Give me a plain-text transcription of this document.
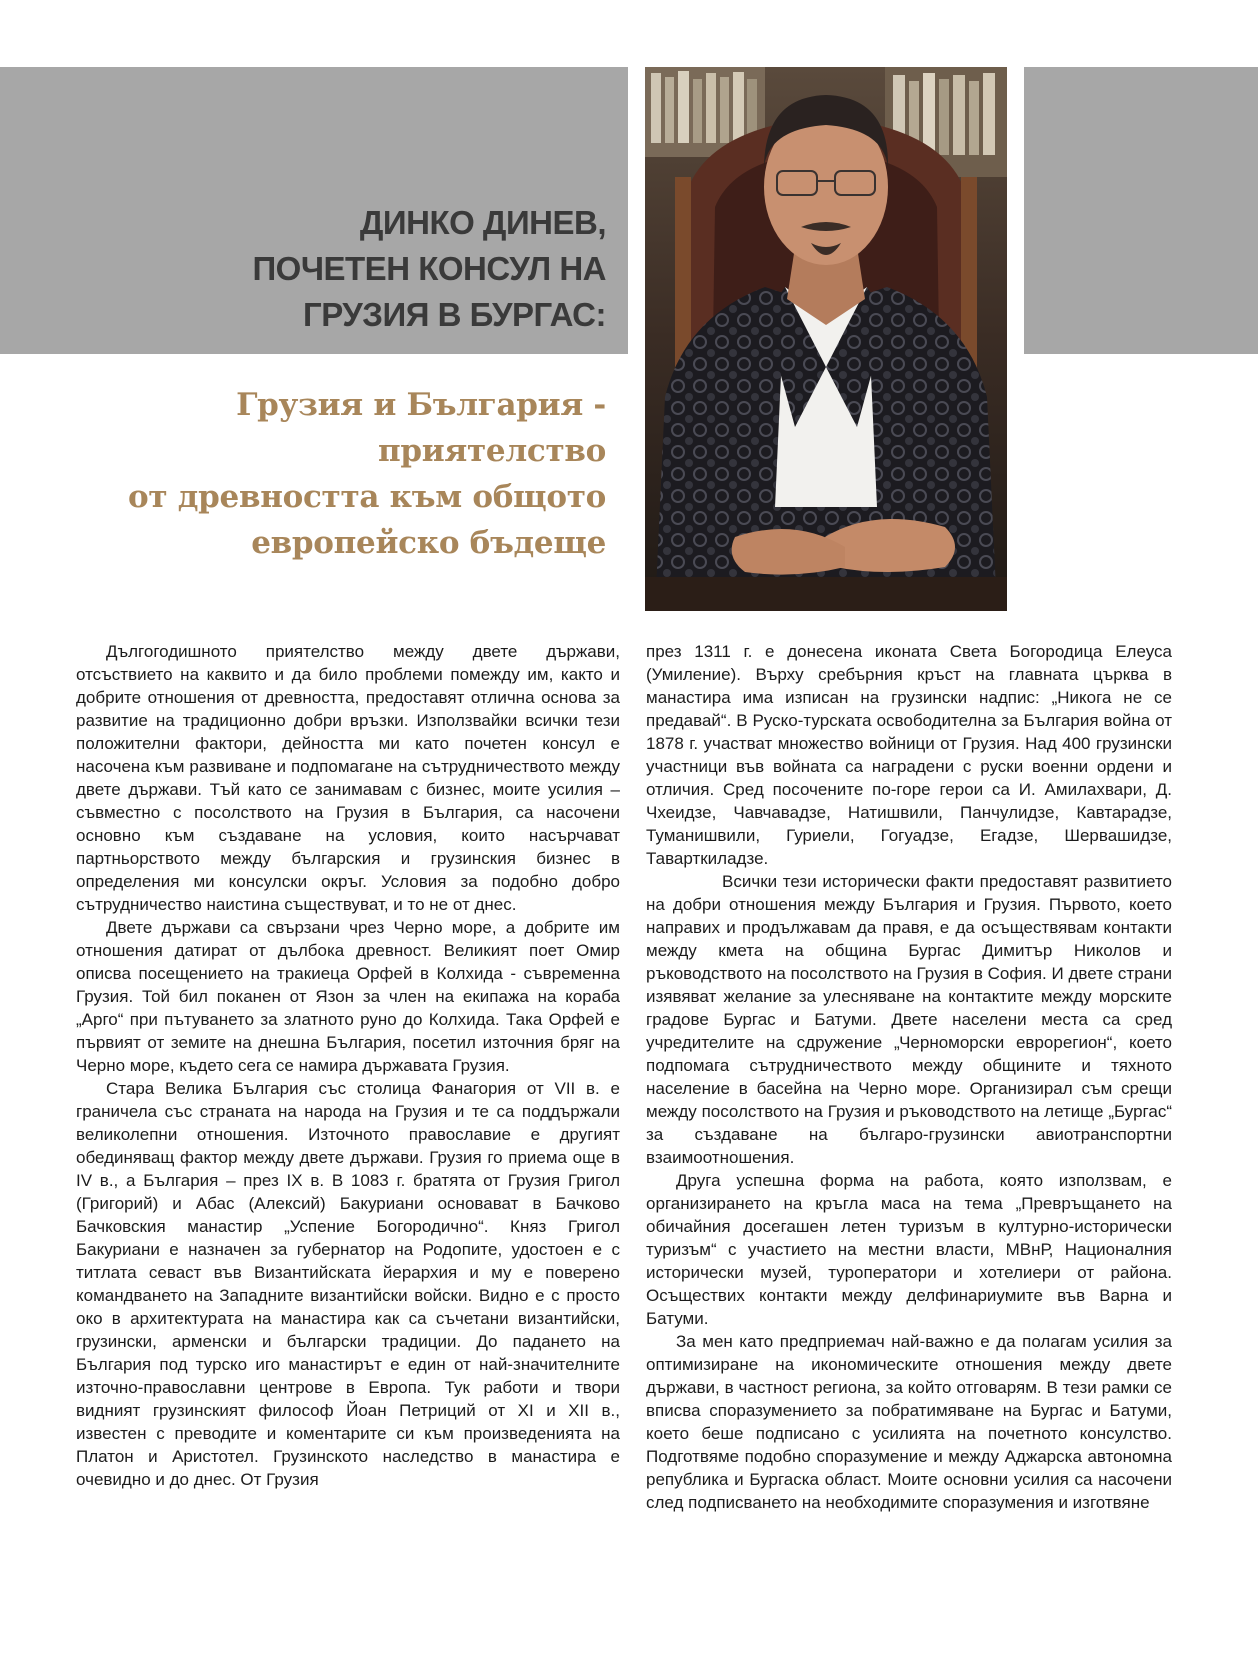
ДИНКО ДИНЕВ,
ПОЧЕТЕН КОНСУЛ НА
ГРУЗИЯ В БУРГАС:
Грузия и България -
приятелство
от древността към общото
европейско бъдеще

Дългогодишното приятелство между двете държави, отсъствието на каквито и да било проблеми помежду им, както и добрите отношения от древността, предоставят отлична основа за развитие на традиционно добри връзки. Използвайки всички тези положителни фактори, дейността ми като почетен консул е насочена към развиване и подпомагане на сътрудничеството между двете държави. Тъй като се занимавам с бизнес, моите усилия – съвместно с посолството на Грузия в България, са насочени основно към създаване на условия, които насърчават партньорството между българския и грузинския бизнес в определения ми консулски окръг. Условия за подобно добро сътрудничество наистина съществуват, и то не от днес.

Двете държави са свързани чрез Черно море, а добрите им отношения датират от дълбока древност. Великият поет Омир описва посещението на тракиеца Орфей в Колхида - съвременна Грузия. Той бил поканен от Язон за член на екипажа на кораба „Арго“ при пътуването за златното руно до Колхида. Така Орфей е първият от земите на днешна България, посетил източния бряг на Черно море, където сега се намира държавата Грузия.

Стара Велика България със столица Фанагория от VII в. е граничела със страната на народа на Грузия и те са поддържали великолепни отношения. Източното православие е другият обединяващ фактор между двете държави. Грузия го приема още в IV в., а България – през IX в. В 1083 г. братята от Грузия Григол (Григорий) и Абас (Алексий) Бакуриани основават в Бачково Бачковския манастир „Успение Богородично“. Княз Григол Бакуриани е назначен за губернатор на Родопите, удостоен е с титлата севаст във Византийската йерархия и му е поверено командването на Западните византийски войски. Видно е с просто око в архитектурата на манастира как са съчетани византийски, грузински, арменски и български традиции. До падането на България под турско иго манастирът е един от най-значителните източно-православни центрове в Европа. Тук работи и твори видният грузинският философ Йоан Петриций от XI и XII в., известен с преводите и коментарите си към произведенията на Платон и Аристотел. Грузинското наследство в манастира е очевидно и до днес. От Грузия

през 1311 г. е донесена иконата Света Богородица Елеуса (Умиление). Върху сребърния кръст на главната църква в манастира има изписан на грузински надпис: „Никога не се предавай“. В Руско-турската освободителна за България война от 1878 г. участват множество войници от Грузия. Над 400 грузински участници във войната са наградени с руски военни ордени и отличия. Сред посочените по-горе герои са И. Амилахвари, Д. Чхеидзе, Чавчавадзе, Натишвили, Панчулидзе, Кавтарадзе, Туманишвили, Гуриели, Гогуадзе, Егадзе, Шервашидзе, Таварткиладзе.

Всички тези исторически факти предоставят развитието на добри отношения между България и Грузия. Първото, което направих и продължавам да правя, е да осъществявам контакти между кмета на община Бургас Димитър Николов и ръководството на посолството на Грузия в София. И двете страни изявяват желание за улесняване на контактите между морските градове Бургас и Батуми. Двете населени места са сред учредителите на сдружение „Черноморски еврорегион“, което подпомага сътрудничеството между общините и тяхното население в басейна на Черно море. Организирал съм срещи между посолството на Грузия и ръководството на летище „Бургас“ за създаване на българо-грузински авиотранспортни взаимоотношения.

Друга успешна форма на работа, която използвам, е организирането на кръгла маса на тема „Превръщането на обичайния досегашен летен туризъм в културно-исторически туризъм“ с участието на местни власти, МВнР, Националния исторически музей, туроператори и хотелиери от района. Осъществих контакти между делфинариумите във Варна и Батуми.

За мен като предприемач най-важно е да полагам усилия за оптимизиране на икономическите отношения между двете държави, в частност региона, за който отговарям. В тези рамки се вписва споразумението за побратимяване на Бургас и Батуми, което беше подписано с усилията на почетното консулство. Подготвяме подобно споразумение и между Аджарска автономна република и Бургаска област. Моите основни усилия са насочени след подписването на необходимите споразумения и изготвяне
